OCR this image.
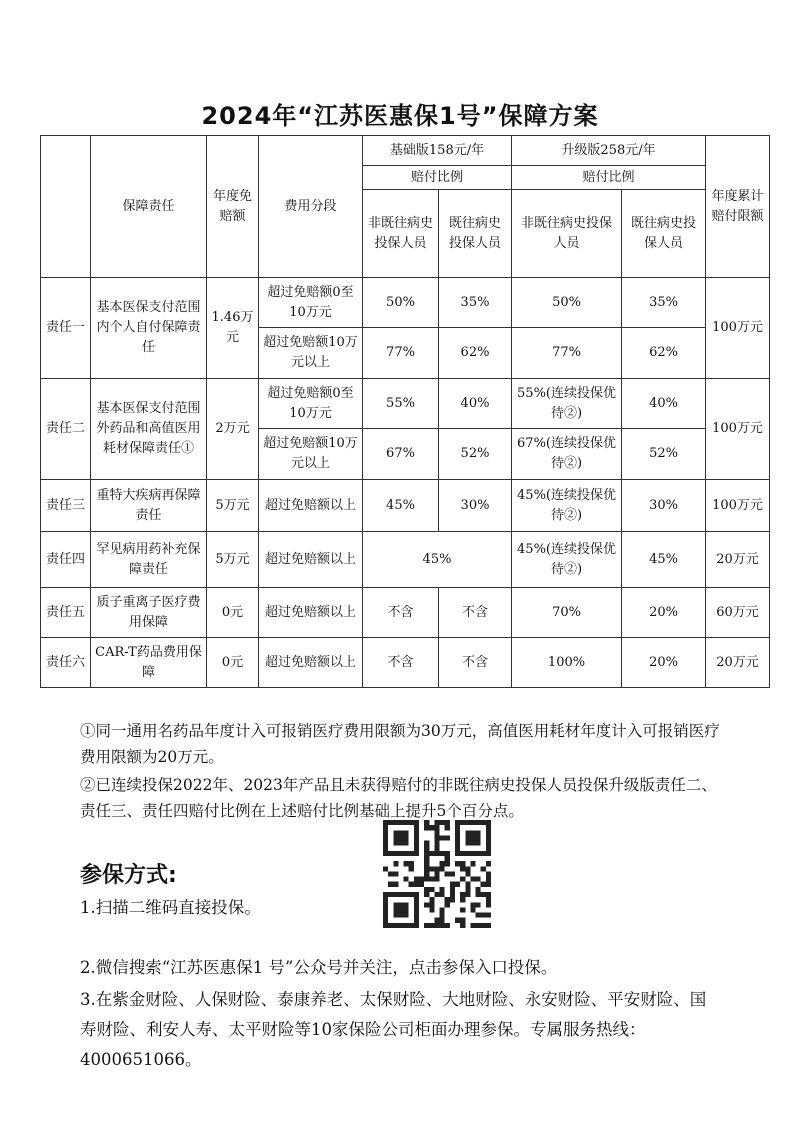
2024年“江苏医惠保1号”保障方案
	保障责任	年度免赔额	费用分段	基础版158元/年		升级版258元/年		年度累计赔付限额
				赔付比例		赔付比例		
				非既往病史投保人员	既往病史投保人员	非既往病史投保人员	既往病史投保人员	
责任一	基本医保支付范围内个人自付保障责任	1.46万元	超过免赔额0至10万元	50%	35%	50%	35%	100万元
			超过免赔额10万元以上	77%	62%	77%	62%	
责任二	基本医保支付范围外药品和高值医用耗材保障责任①	2万元	超过免赔额0至10万元	55%	40%	55%(连续投保优待②)	40%	100万元
			超过免赔额10万元以上	67%	52%	67%(连续投保优待②)	52%	
责任三	重特大疾病再保障责任	5万元	超过免赔额以上	45%	30%	45%(连续投保优待②)	30%	100万元
责任四	罕见病用药补充保障责任	5万元	超过免赔额以上	45%		45%(连续投保优待②)	45%	20万元
责任五	质子重离子医疗费用保障	0元	超过免赔额以上	不含	不含	70%	20%	60万元
责任六	CAR-T药品费用保障	0元	超过免赔额以上	不含	不含	100%	20%	20万元

①同一通用名药品年度计入可报销医疗费用限额为30万元，高值医用耗材年度计入可报销医疗费用限额为20万元。

②已连续投保2022年、2023年产品且未获得赔付的非既往病史投保人员投保升级版责任二、责任三、责任四赔付比例在上述赔付比例基础上提升5个百分点。

参保方式:
1.扫描二维码直接投保。
2.微信搜索“江苏医惠保1 号”公众号并关注，点击参保入口投保。
3.在紫金财险、人保财险、泰康养老、太保财险、大地财险、永安财险、平安财险、国寿财险、利安人寿、太平财险等10家保险公司柜面办理参保。专属服务热线：4000651066。
